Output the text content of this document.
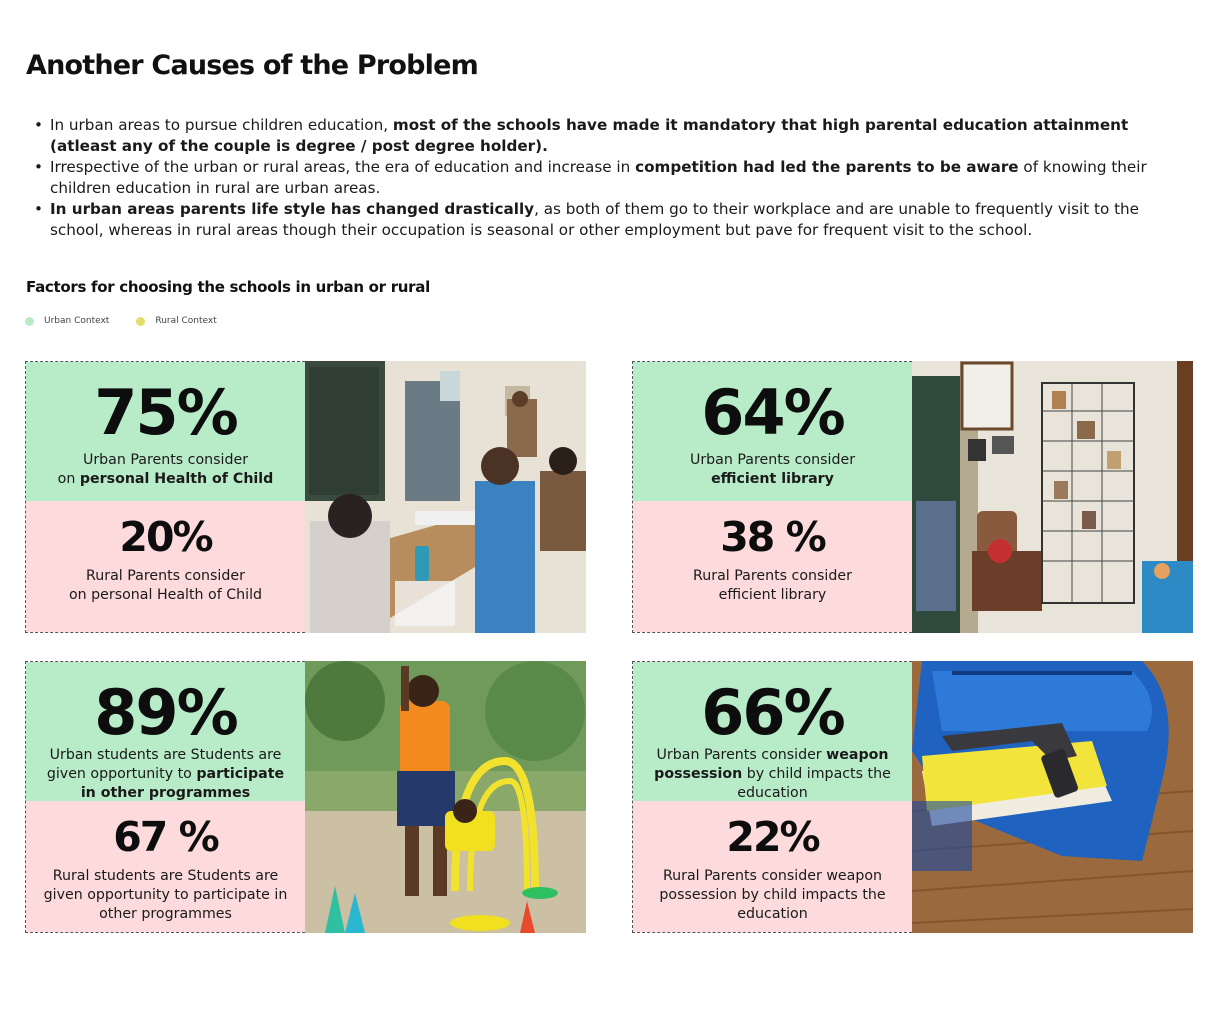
Another Causes of the Problem
• In urban areas to pursue children education, most of the schools have made it mandatory that high parental education attainment (atleast any of the couple is degree / post degree holder).
• Irrespective of the urban or rural areas, the era of education and increase in competition had led the parents to be aware of knowing their children education in rural are urban areas.
• In urban areas parents life style has changed drastically, as both of them go to their workplace and are unable to frequently visit to the school, whereas in rural areas though their occupation is seasonal or other employment but pave for frequent visit to the school.
Factors for choosing the schools in urban or rural
Urban Context	Rural Context
75%
Urban Parents consider
on personal Health of Child
20%
Rural Parents consider
on personal Health of Child
64%
Urban Parents consider
efficient library
38 %
Rural Parents consider
efficient library
89%
Urban students are Students are
given opportunity to participate in other programmes
67 %
Rural students are Students are
given opportunity to participate in other programmes
66%
Urban Parents consider weapon possession by child impacts the education
22%
Rural Parents consider weapon
possession by child impacts the education
